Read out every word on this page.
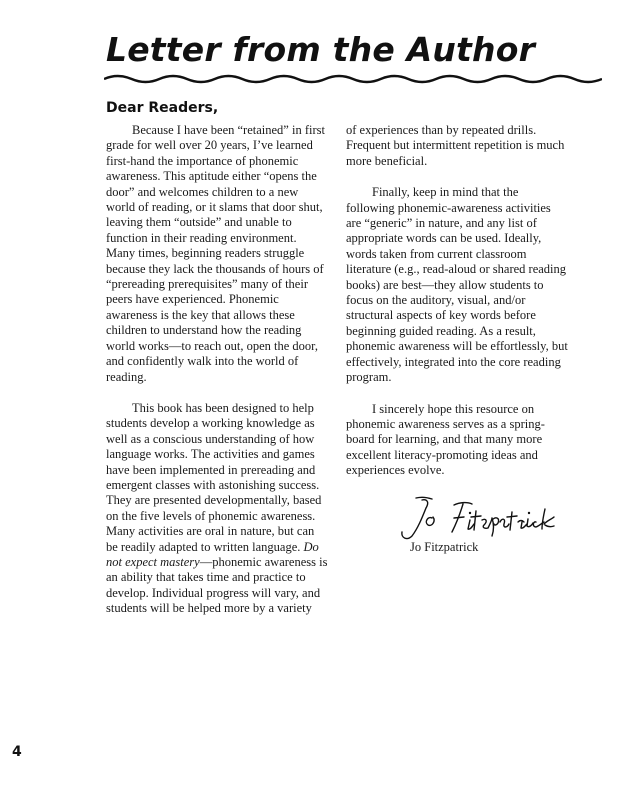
Letter from the Author
Dear Readers,

Because I have been “retained” in first grade for well over 20 years, I’ve learned first-hand the importance of phonemic awareness. This aptitude either “opens the door” and welcomes children to a new world of reading, or it slams that door shut, leaving them “outside” and unable to function in their reading environment. Many times, beginning readers struggle because they lack the thousands of hours of “prereading prerequisites” many of their peers have experienced. Phonemic awareness is the key that allows these children to understand how the reading world works—to reach out, open the door, and confidently walk into the world of reading.

This book has been designed to help students develop a working knowledge as well as a conscious understanding of how language works. The activities and games have been implemented in prereading and emergent classes with astonishing success. They are presented developmentally, based on the five levels of phonemic awareness. Many activities are oral in nature, but can be readily adapted to written language. Do not expect mastery—phonemic awareness is an ability that takes time and practice to develop. Individual progress will vary, and students will be helped more by a variety

of experiences than by repeated drills. Frequent but intermittent repetition is much more beneficial.

Finally, keep in mind that the following phonemic-awareness activities are “generic” in nature, and any list of appropriate words can be used. Ideally, words taken from current classroom literature (e.g., read-aloud or shared reading books) are best—they allow students to focus on the auditory, visual, and/or structural aspects of key words before beginning guided reading. As a result, phonemic awareness will be effortlessly, but effectively, integrated into the core reading program.

I sincerely hope this resource on phonemic awareness serves as a spring-board for learning, and that many more excellent literacy-promoting ideas and experiences evolve.

Jo Fitzpatrick

4
